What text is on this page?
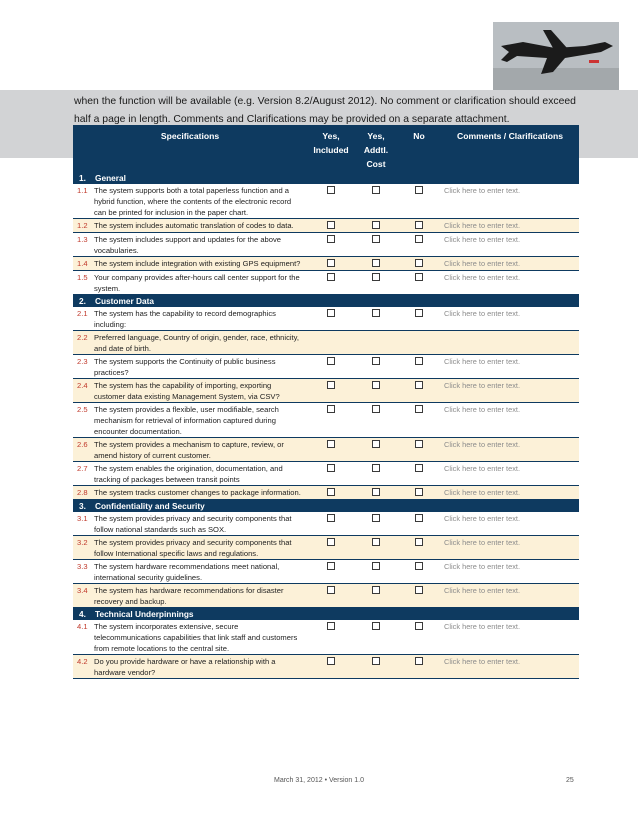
when the function will be available (e.g. Version 8.2/August 2012). No comment or clarification should exceed half a page in length. Comments and Clarifications may be provided on a separate attachment.
Specifications		Yes, Included	Yes, Addtl. Cost	No	Comments / Clarifications
1.	General				
1.1	The system supports both a total paperless function and a hybrid function, where the contents of the electronic record can be printed for inclusion in the paper chart.				Click here to enter text.
1.2	The system includes automatic translation of codes to data.				Click here to enter text.
1.3	The system includes support and updates for the above vocabularies.				Click here to enter text.
1.4	The system include integration with existing GPS equipment?				Click here to enter text.
1.5	Your company provides after-hours call center support for the system.				Click here to enter text.
2.	Customer Data				
2.1	The system has the capability to record demographics including:				Click here to enter text.
2.2	Preferred language, Country of origin, gender, race, ethnicity, and date of birth.				
2.3	The system supports the Continuity of public business practices?				Click here to enter text.
2.4	The system has the capability of importing, exporting customer data existing Management System, via CSV?				Click here to enter text.
2.5	The system provides a flexible, user modifiable, search mechanism for retrieval of information captured during encounter documentation.				Click here to enter text.
2.6	The system provides a mechanism to capture, review, or amend history of current customer.				Click here to enter text.
2.7	The system enables the origination, documentation, and tracking of packages between transit points				Click here to enter text.
2.8	The system tracks customer changes to package information.				Click here to enter text.
3.	Confidentiality and Security				
3.1	The system provides privacy and security components that follow national standards such as SOX.				Click here to enter text.
3.2	The system provides privacy and security components that follow International specific laws and regulations.				Click here to enter text.
3.3	The system hardware recommendations meet national, international security guidelines.				Click here to enter text.
3.4	The system has hardware recommendations for disaster recovery and backup.				Click here to enter text.
4.	Technical Underpinnings				
4.1	The system incorporates extensive, secure telecommunications capabilities that link staff and customers from remote locations to the central site.				Click here to enter text.
4.2	Do you provide hardware or have a relationship with a hardware vendor?				Click here to enter text.
March 31, 2012 • Version 1.0	25
